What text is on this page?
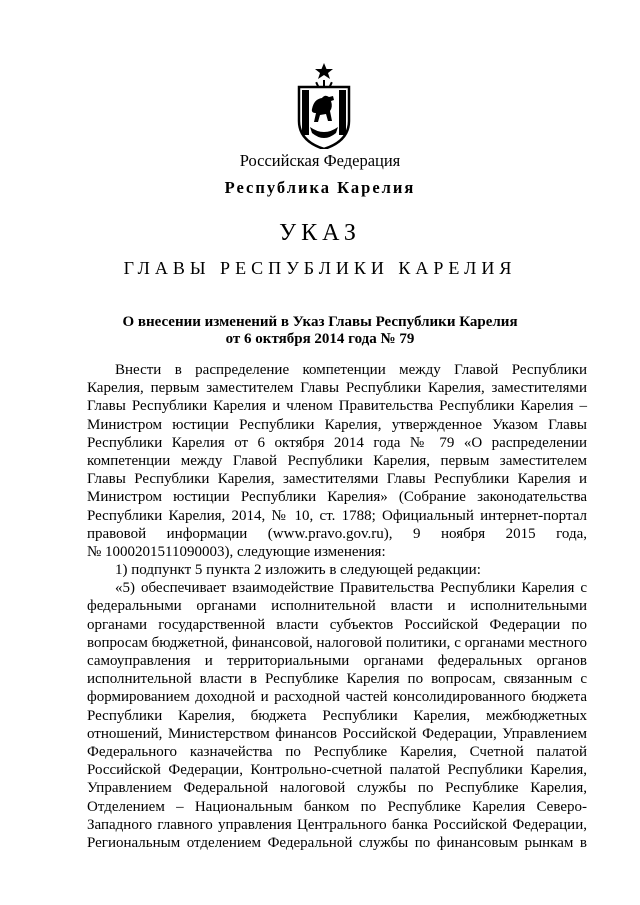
Российская Федерация
Республика Карелия
УКАЗ
ГЛАВЫ РЕСПУБЛИКИ КАРЕЛИЯ
О внесении изменений в Указ Главы Республики Карелия
от 6 октября 2014 года № 79

Внести в распределение компетенции между Главой Республики

Карелия, первым заместителем Главы Республики Карелия, заместителями

Главы Республики Карелия и членом Правительства Республики Карелия –

Министром юстиции Республики Карелия, утвержденное Указом Главы

Республики Карелия от 6 октября 2014 года № 79 «О распределении

компетенции между Главой Республики Карелия, первым заместителем

Главы Республики Карелия, заместителями Главы Республики Карелия и

Министром юстиции Республики Карелия» (Собрание законодательства

Республики Карелия, 2014, № 10, ст. 1788; Официальный интернет-портал

правовой информации (www.pravo.gov.ru), 9 ноября 2015 года,

№ 1000201511090003), следующие изменения:

1) подпункт 5 пункта 2 изложить в следующей редакции:

«5) обеспечивает взаимодействие Правительства Республики Карелия с

федеральными органами исполнительной власти и исполнительными

органами государственной власти субъектов Российской Федерации по

вопросам бюджетной, финансовой, налоговой политики, с органами местного

самоуправления и территориальными органами федеральных органов

исполнительной власти в Республике Карелия по вопросам, связанным с

формированием доходной и расходной частей консолидированного бюджета

Республики Карелия, бюджета Республики Карелия, межбюджетных

отношений, Министерством финансов Российской Федерации, Управлением

Федерального казначейства по Республике Карелия, Счетной палатой

Российской Федерации, Контрольно-счетной палатой Республики Карелия,

Управлением Федеральной налоговой службы по Республике Карелия,

Отделением – Национальным банком по Республике Карелия Северо-

Западного главного управления Центрального банка Российской Федерации,

Региональным отделением Федеральной службы по финансовым рынкам в
